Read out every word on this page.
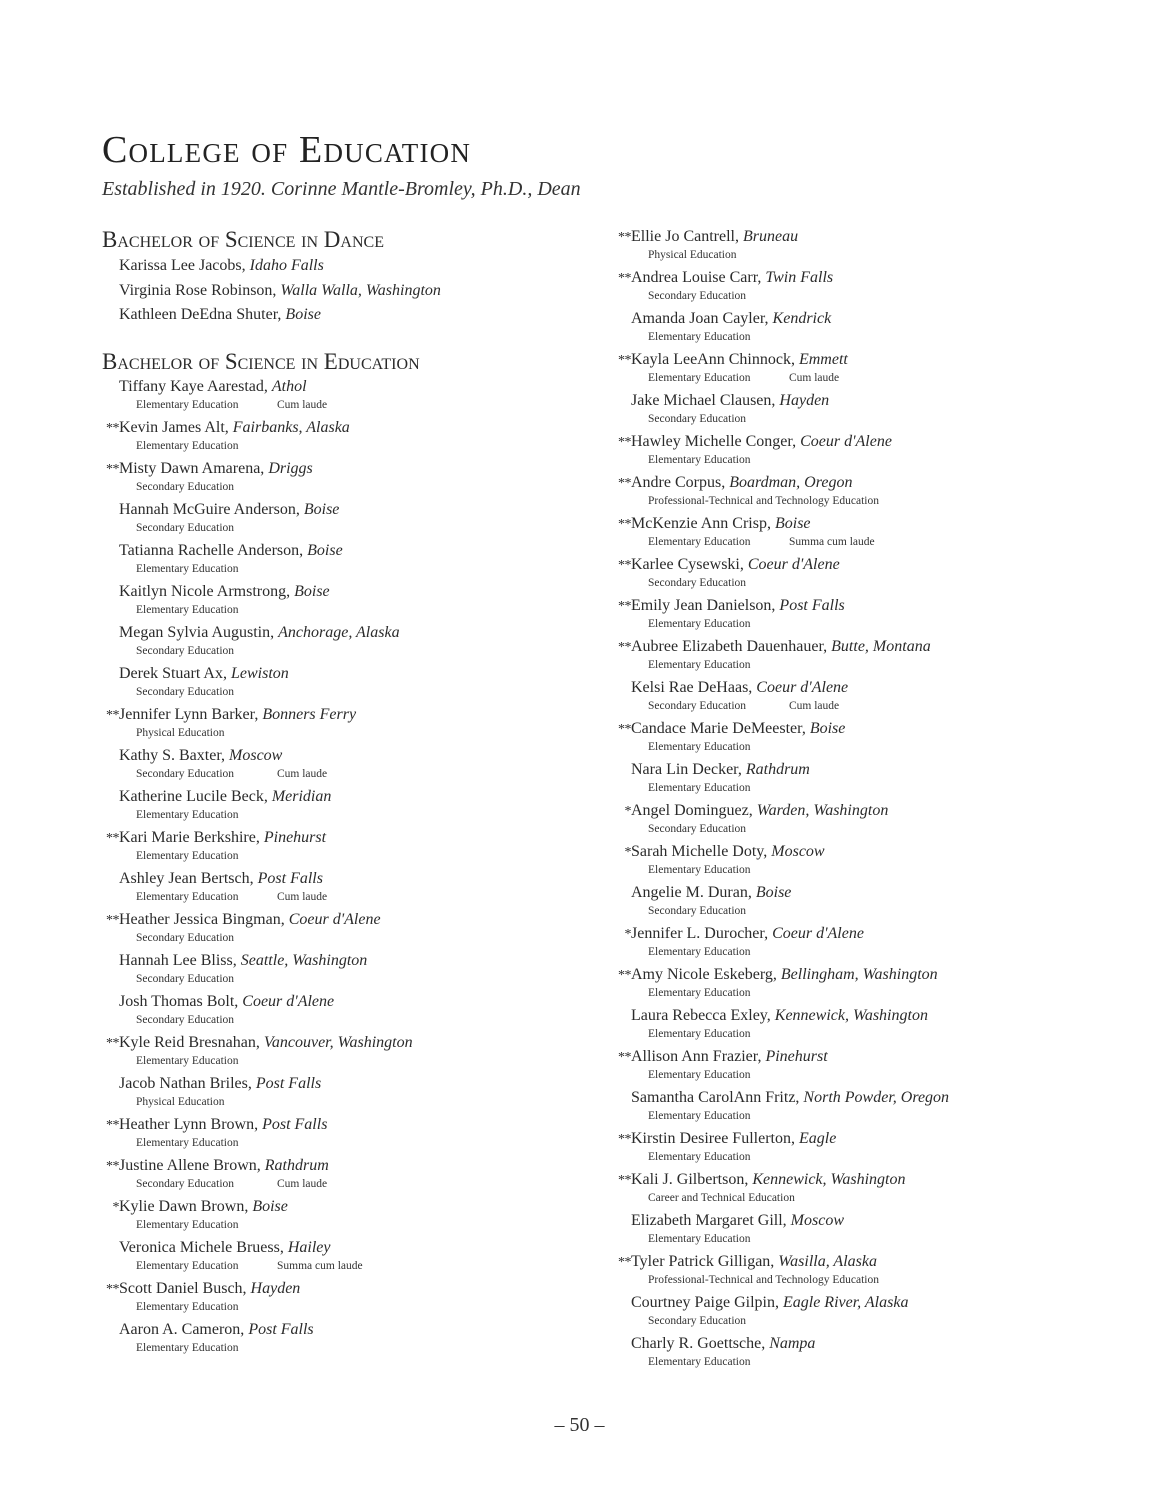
College of Education

Established in 1920. Corinne Mantle-Bromley, Ph.D., Dean

Bachelor of Science in Dance
Karissa Lee Jacobs, Idaho Falls
Virginia Rose Robinson, Walla Walla, Washington
Kathleen DeEdna Shuter, Boise
Bachelor of Science in Education
Tiffany Kaye Aarestad, Athol
Elementary Education	Cum laude
**Kevin James Alt, Fairbanks, Alaska
Elementary Education
**Misty Dawn Amarena, Driggs
Secondary Education
Hannah McGuire Anderson, Boise
Secondary Education
Tatianna Rachelle Anderson, Boise
Elementary Education
Kaitlyn Nicole Armstrong, Boise
Elementary Education
Megan Sylvia Augustin, Anchorage, Alaska
Secondary Education
Derek Stuart Ax, Lewiston
Secondary Education
**Jennifer Lynn Barker, Bonners Ferry
Physical Education
Kathy S. Baxter, Moscow
Secondary Education	Cum laude
Katherine Lucile Beck, Meridian
Elementary Education
**Kari Marie Berkshire, Pinehurst
Elementary Education
Ashley Jean Bertsch, Post Falls
Elementary Education	Cum laude
**Heather Jessica Bingman, Coeur d'Alene
Secondary Education
Hannah Lee Bliss, Seattle, Washington
Secondary Education
Josh Thomas Bolt, Coeur d'Alene
Secondary Education
**Kyle Reid Bresnahan, Vancouver, Washington
Elementary Education
Jacob Nathan Briles, Post Falls
Physical Education
**Heather Lynn Brown, Post Falls
Elementary Education
**Justine Allene Brown, Rathdrum
Secondary Education	Cum laude
*Kylie Dawn Brown, Boise
Elementary Education
Veronica Michele Bruess, Hailey
Elementary Education	Summa cum laude
**Scott Daniel Busch, Hayden
Elementary Education
Aaron A. Cameron, Post Falls
Elementary Education
**Ellie Jo Cantrell, Bruneau
Physical Education
**Andrea Louise Carr, Twin Falls
Secondary Education
Amanda Joan Cayler, Kendrick
Elementary Education
**Kayla LeeAnn Chinnock, Emmett
Elementary Education	Cum laude
Jake Michael Clausen, Hayden
Secondary Education
**Hawley Michelle Conger, Coeur d'Alene
Elementary Education
**Andre Corpus, Boardman, Oregon
Professional-Technical and Technology Education
**McKenzie Ann Crisp, Boise
Elementary Education	Summa cum laude
**Karlee Cysewski, Coeur d'Alene
Secondary Education
**Emily Jean Danielson, Post Falls
Elementary Education
**Aubree Elizabeth Dauenhauer, Butte, Montana
Elementary Education
Kelsi Rae DeHaas, Coeur d'Alene
Secondary Education	Cum laude
**Candace Marie DeMeester, Boise
Elementary Education
Nara Lin Decker, Rathdrum
Elementary Education
*Angel Dominguez, Warden, Washington
Secondary Education
*Sarah Michelle Doty, Moscow
Elementary Education
Angelie M. Duran, Boise
Secondary Education
*Jennifer L. Durocher, Coeur d'Alene
Elementary Education
**Amy Nicole Eskeberg, Bellingham, Washington
Elementary Education
Laura Rebecca Exley, Kennewick, Washington
Elementary Education
**Allison Ann Frazier, Pinehurst
Elementary Education
Samantha CarolAnn Fritz, North Powder, Oregon
Elementary Education
**Kirstin Desiree Fullerton, Eagle
Elementary Education
**Kali J. Gilbertson, Kennewick, Washington
Career and Technical Education
Elizabeth Margaret Gill, Moscow
Elementary Education
**Tyler Patrick Gilligan, Wasilla, Alaska
Professional-Technical and Technology Education
Courtney Paige Gilpin, Eagle River, Alaska
Secondary Education
Charly R. Goettsche, Nampa
Elementary Education
– 50 –
